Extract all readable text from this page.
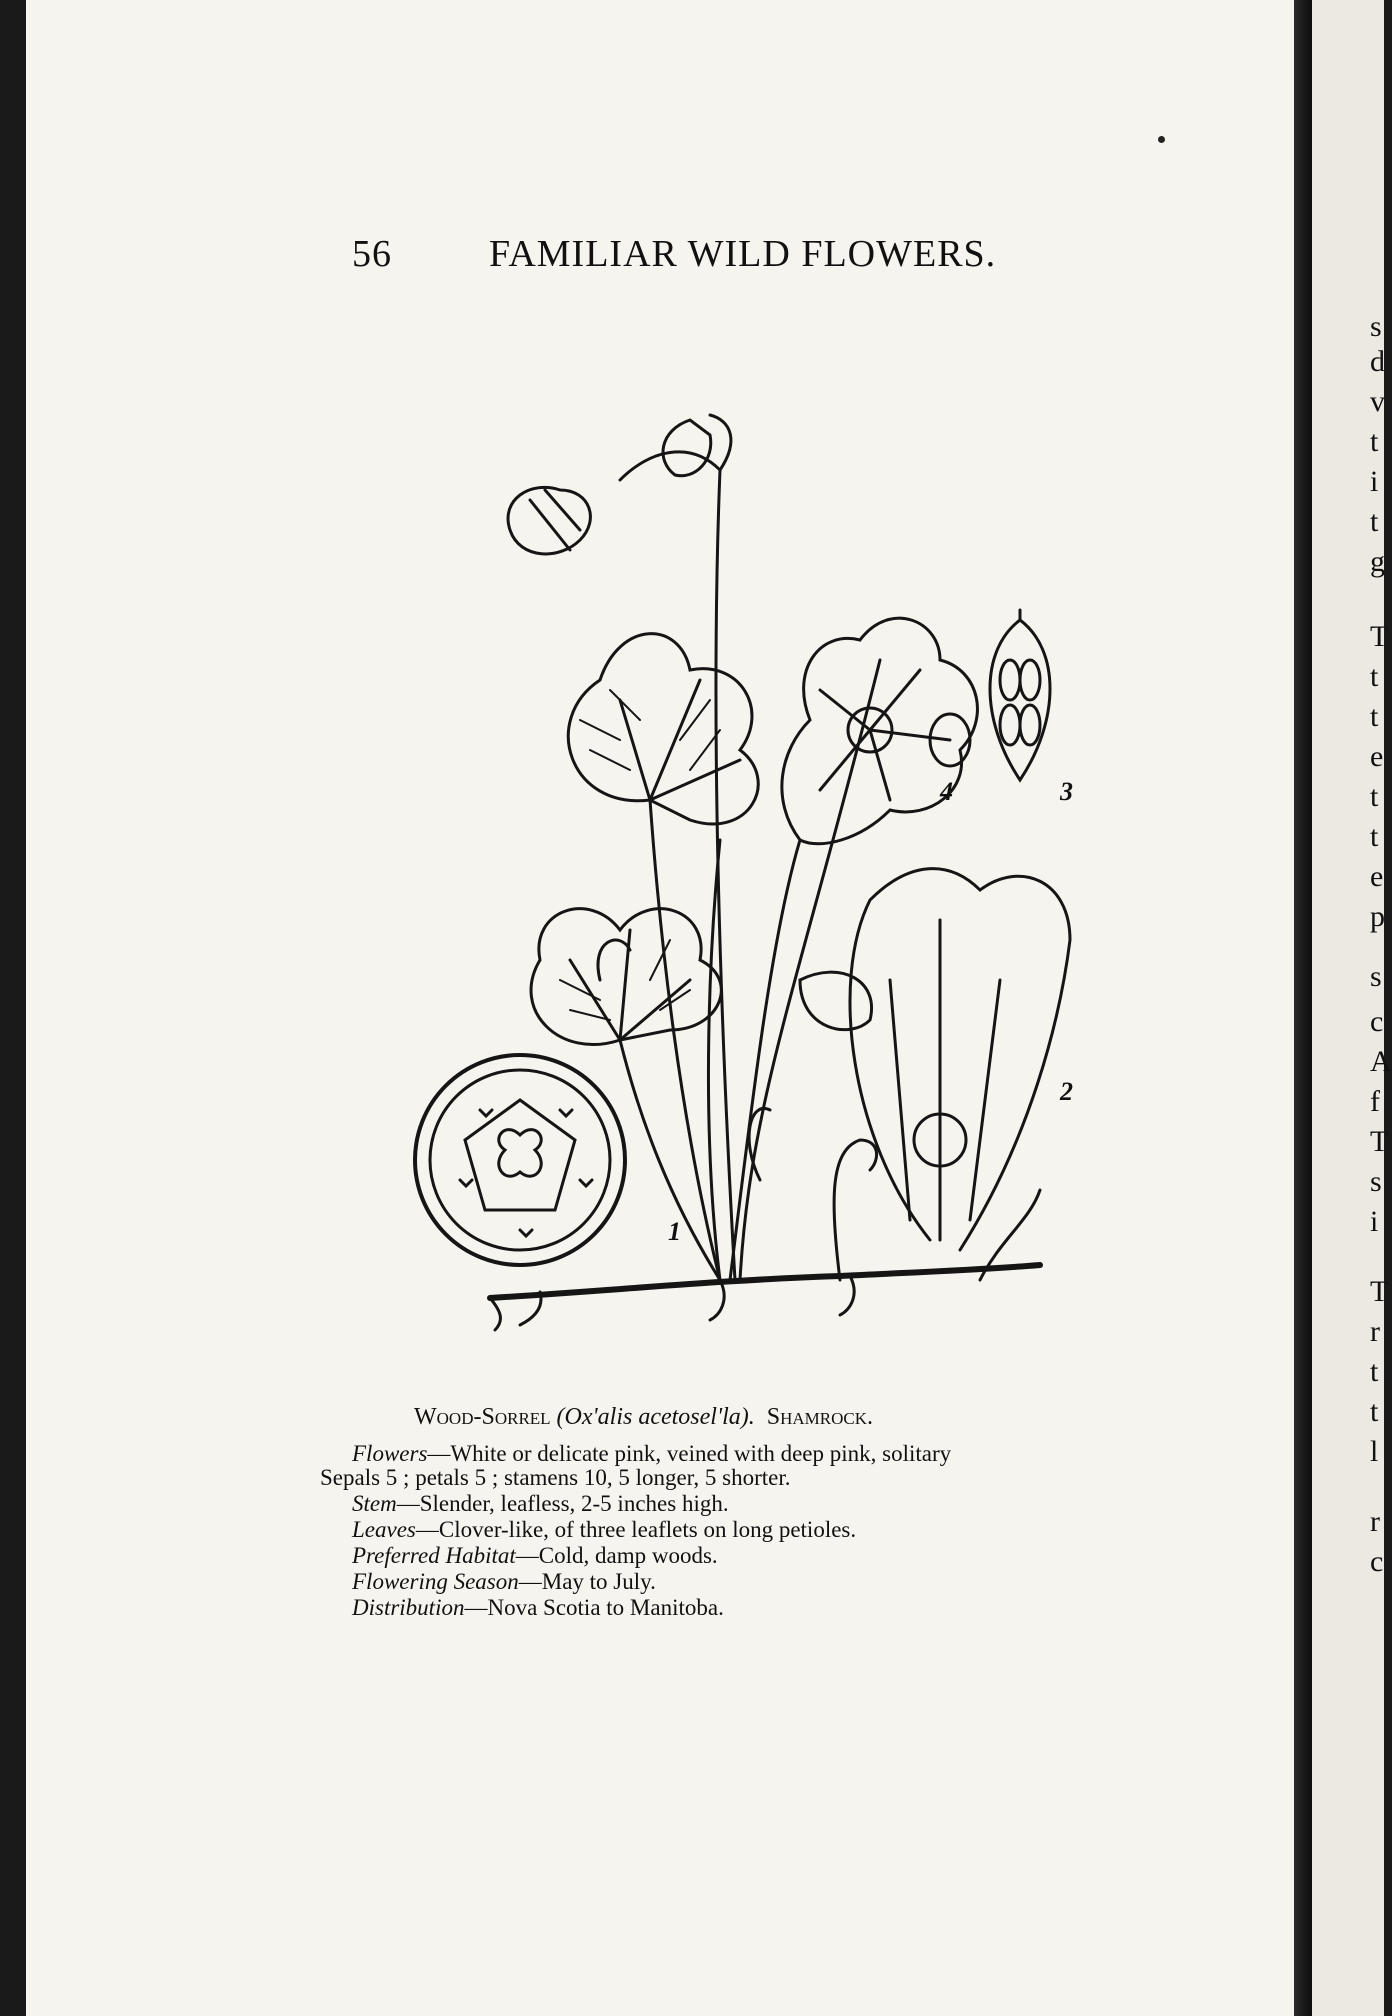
s
d
v
t
i
t
g
T
t
t
e
t
t
e
p
s
c
A
f
T
s
i
T
r
t
t
l
r
c
56	FAMILIAR WILD FLOWERS.
1
2
3
4
Wood-Sorrel (Ox'alis acetosel'la). Shamrock.
Flowers—White or delicate pink, veined with deep pink, solitary
Sepals 5 ; petals 5 ; stamens 10, 5 longer, 5 shorter.
Stem—Slender, leafless, 2-5 inches high.
Leaves—Clover-like, of three leaflets on long petioles.
Preferred Habitat—Cold, damp woods.
Flowering Season—May to July.
Distribution—Nova Scotia to Manitoba.
